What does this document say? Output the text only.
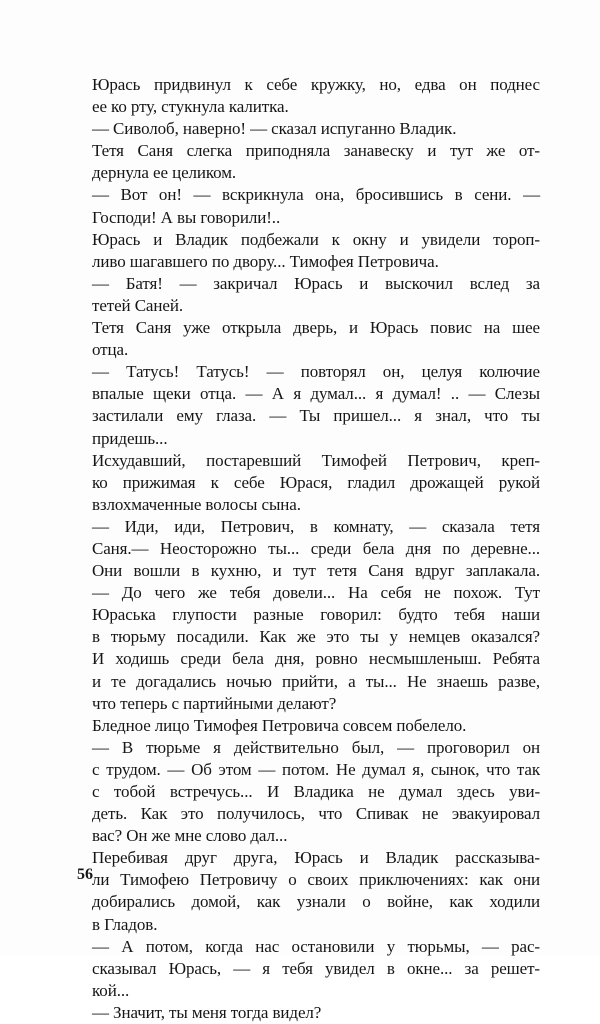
Юрась придвинул к себе кружку, но, едва он поднес
ее ко рту, стукнула калитка.
— Сиволоб, наверно! — сказал испуганно Владик.
Тетя Саня слегка приподняла занавеску и тут же от-
дернула ее целиком.
— Вот он! — вскрикнула она, бросившись в сени. —
Господи! А вы говорили!..
Юрась и Владик подбежали к окну и увидели тороп-
ливо шагавшего по двору... Тимофея Петровича.
— Батя! — закричал Юрась и выскочил вслед за
тетей Саней.
Тетя Саня уже открыла дверь, и Юрась повис на шее
отца.
— Татусь! Татусь! — повторял он, целуя колючие
впалые щеки отца. — А я думал... я думал! .. — Слезы
застилали ему глаза. — Ты пришел... я знал, что ты
придешь...
Исхудавший, постаревший Тимофей Петрович, креп-
ко прижимая к себе Юрася, гладил дрожащей рукой
взлохмаченные волосы сына.
— Иди, иди, Петрович, в комнату, — сказала тетя
Саня.— Неосторожно ты... среди бела дня по деревне...
Они вошли в кухню, и тут тетя Саня вдруг заплакала.
— До чего же тебя довели... На себя не похож. Тут
Юраська глупости разные говорил: будто тебя наши
в тюрьму посадили. Как же это ты у немцев оказался?
И ходишь среди бела дня, ровно несмышленыш. Ребята
и те догадались ночью прийти, а ты... Не знаешь разве,
что теперь с партийными делают?
Бледное лицо Тимофея Петровича совсем побелело.
— В тюрьме я действительно был, — проговорил он
с трудом. — Об этом — потом. Не думал я, сынок, что так
с тобой встречусь... И Владика не думал здесь уви-
деть. Как это получилось, что Спивак не эвакуировал
вас? Он же мне слово дал...
Перебивая друг друга, Юрась и Владик рассказыва-
ли Тимофею Петровичу о своих приключениях: как они
добирались домой, как узнали о войне, как ходили
в Гладов.
— А потом, когда нас остановили у тюрьмы, — рас-
сказывал Юрась, — я тебя увидел в окне... за решет-
кой...
— Значит, ты меня тогда видел?
56
